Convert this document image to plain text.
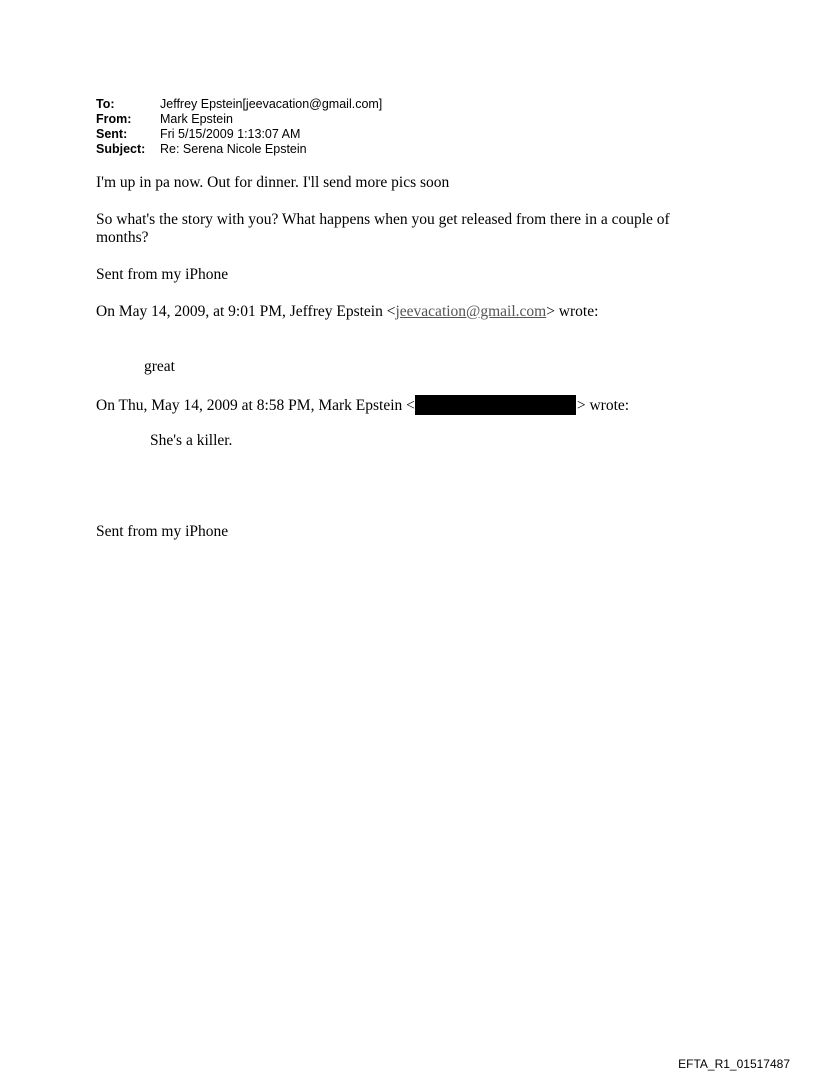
To:	Jeffrey Epstein[jeevacation@gmail.com]
From:	Mark Epstein
Sent:	Fri 5/15/2009 1:13:07 AM
Subject:	Re: Serena Nicole Epstein
I'm up in pa now. Out for dinner. I'll send more pics soon
So what's the story with you? What happens when you get released from there in a couple of months?
Sent from my iPhone
On May 14, 2009, at 9:01 PM, Jeffrey Epstein <jeevacation@gmail.com> wrote:
great
On Thu, May 14, 2009 at 8:58 PM, Mark Epstein <	> wrote:
She's a killer.
Sent from my iPhone
EFTA_R1_01517487
